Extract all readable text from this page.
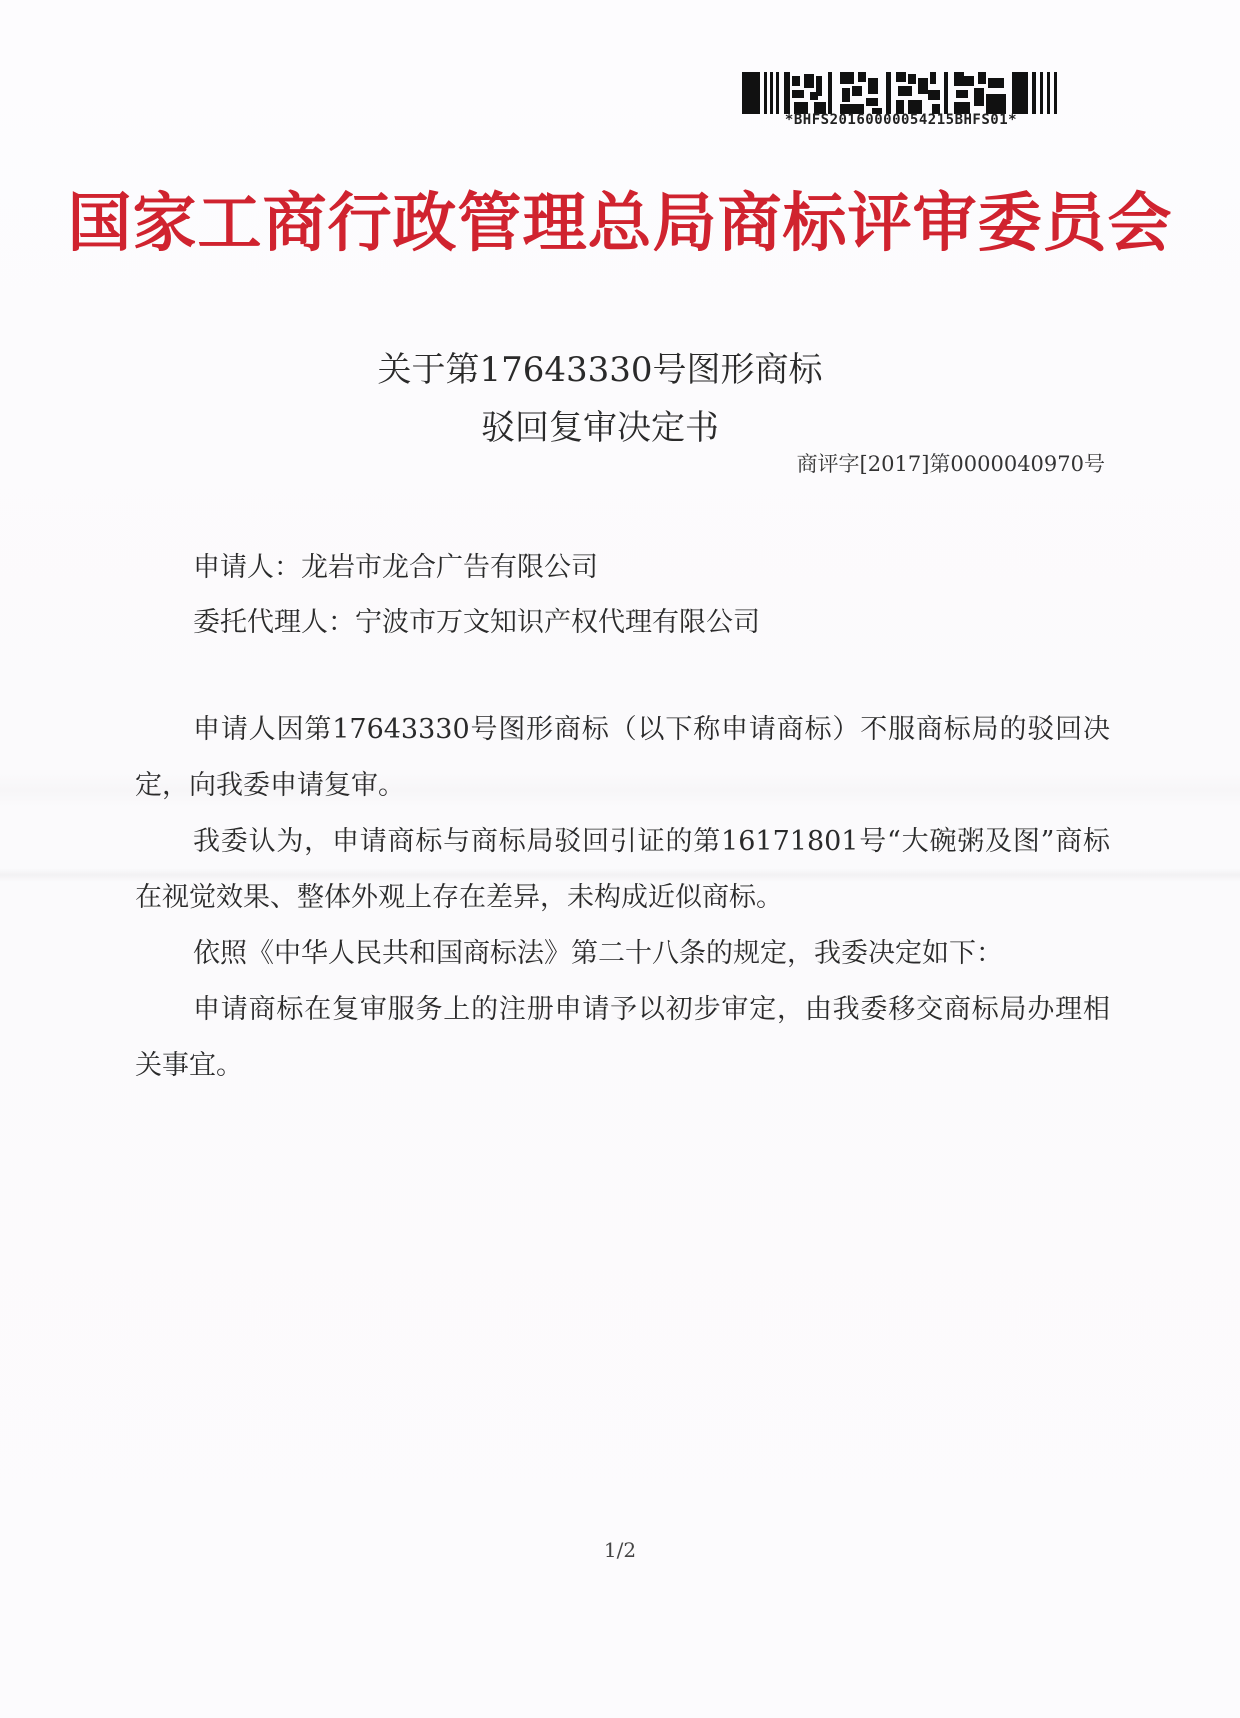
*BHFS20160000054215BHFS01*
国家工商行政管理总局商标评审委员会
关于第17643330号图形商标
驳回复审决定书
商评字[2017]第0000040970号
申请人：龙岩市龙合广告有限公司
委托代理人：宁波市万文知识产权代理有限公司

申请人因第17643330号图形商标（以下称申请商标）不服商标局的驳回决定，向我委申请复审。

我委认为，申请商标与商标局驳回引证的第16171801号“大碗粥及图”商标在视觉效果、整体外观上存在差异，未构成近似商标。

依照《中华人民共和国商标法》第二十八条的规定，我委决定如下：

申请商标在复审服务上的注册申请予以初步审定，由我委移交商标局办理相关事宜。

1/2
